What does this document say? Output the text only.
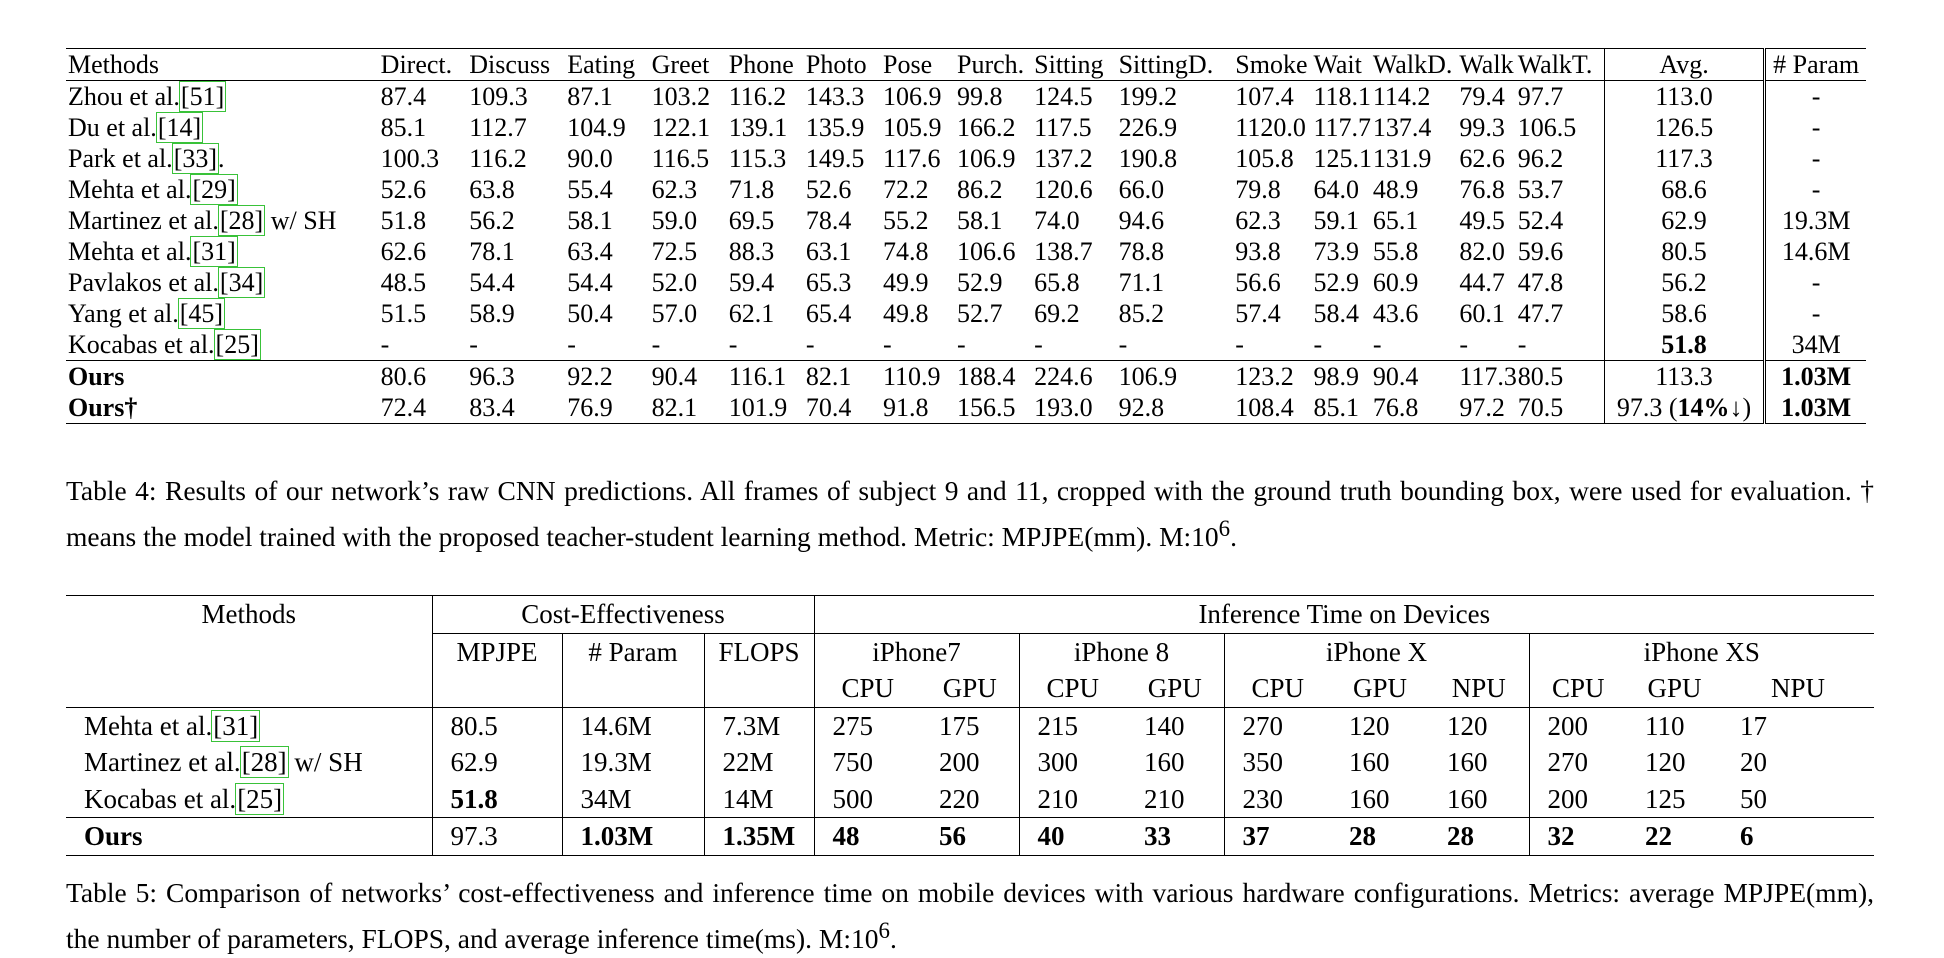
Methods	Direct.	Discuss	Eating	Greet	Phone	Photo	Pose	Purch.	Sitting	SittingD.	Smoke	Wait	WalkD.	Walk	WalkT.	Avg.	# Param
Zhou et al.[51]	87.4	109.3	87.1	103.2	116.2	143.3	106.9	99.8	124.5	199.2	107.4	118.1	114.2	79.4	97.7	113.0	-
Du et al.[14]	85.1	112.7	104.9	122.1	139.1	135.9	105.9	166.2	117.5	226.9	1120.0	117.7	137.4	99.3	106.5	126.5	-
Park et al.[33].	100.3	116.2	90.0	116.5	115.3	149.5	117.6	106.9	137.2	190.8	105.8	125.1	131.9	62.6	96.2	117.3	-
Mehta et al.[29]	52.6	63.8	55.4	62.3	71.8	52.6	72.2	86.2	120.6	66.0	79.8	64.0	48.9	76.8	53.7	68.6	-
Martinez et al.[28] w/ SH	51.8	56.2	58.1	59.0	69.5	78.4	55.2	58.1	74.0	94.6	62.3	59.1	65.1	49.5	52.4	62.9	19.3M
Mehta et al.[31]	62.6	78.1	63.4	72.5	88.3	63.1	74.8	106.6	138.7	78.8	93.8	73.9	55.8	82.0	59.6	80.5	14.6M
Pavlakos et al.[34]	48.5	54.4	54.4	52.0	59.4	65.3	49.9	52.9	65.8	71.1	56.6	52.9	60.9	44.7	47.8	56.2	-
Yang et al.[45]	51.5	58.9	50.4	57.0	62.1	65.4	49.8	52.7	69.2	85.2	57.4	58.4	43.6	60.1	47.7	58.6	-
Kocabas et al.[25]	-	-	-	-	-	-	-	-	-	-	-	-	-	-	-	51.8	34M
Ours	80.6	96.3	92.2	90.4	116.1	82.1	110.9	188.4	224.6	106.9	123.2	98.9	90.4	117.3	80.5	113.3	1.03M
Ours†	72.4	83.4	76.9	82.1	101.9	70.4	91.8	156.5	193.0	92.8	108.4	85.1	76.8	97.2	70.5	97.3 (14%↓)	1.03M
Table 4: Results of our network’s raw CNN predictions. All frames of subject 9 and 11, cropped with the ground truth bounding box, were used for evaluation. † means the model trained with the proposed teacher-student learning method. Metric: MPJPE(mm). $M:10^6$.
Methods	Cost-Effectiveness			Inference Time on Devices									
	MPJPE	# Param	FLOPS	iPhone7		iPhone 8		iPhone X			iPhone XS		
				CPU	GPU	CPU	GPU	CPU	GPU	NPU	CPU	GPU	NPU
Mehta et al.[31]	80.5	14.6M	7.3M	275	175	215	140	270	120	120	200	110	17
Martinez et al.[28] w/ SH	62.9	19.3M	22M	750	200	300	160	350	160	160	270	120	20
Kocabas et al.[25]	51.8	34M	14M	500	220	210	210	230	160	160	200	125	50
Ours	97.3	1.03M	1.35M	48	56	40	33	37	28	28	32	22	6
Table 5: Comparison of networks’ cost-effectiveness and inference time on mobile devices with various hardware configurations. Metrics: average MPJPE(mm), the number of parameters, FLOPS, and average inference time(ms). $M:10^6$.
